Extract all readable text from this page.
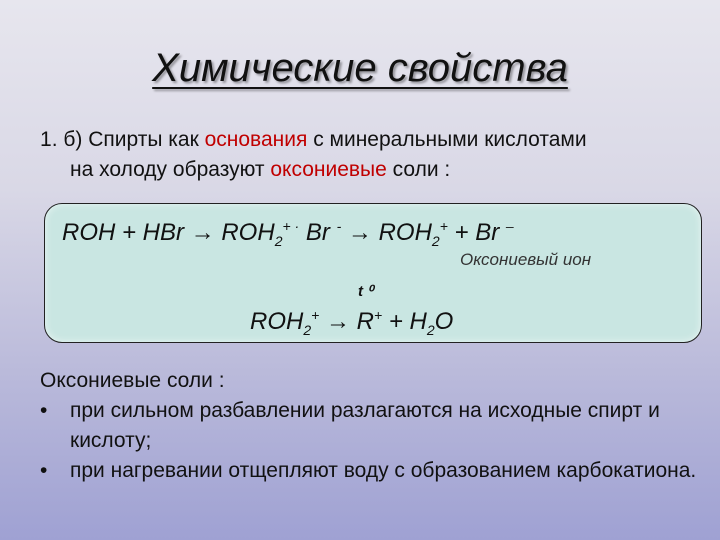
Химические свойства
1. б) Спирты как основания с минеральными кислотами
на холоду образуют оксониевые соли :
ROH + HBr → $ROH_2^{+ \cdot}$ Br $^- \to ROH_2^+ + Br$ –
Оксониевый ион
t ⁰
$ROH_2^+ \to R^+ + H_2O$
Оксониевые соли :
•	при сильном разбавлении разлагаются на исходные спирт и кислоту;
•	при нагревании отщепляют воду с образованием карбокатиона.
